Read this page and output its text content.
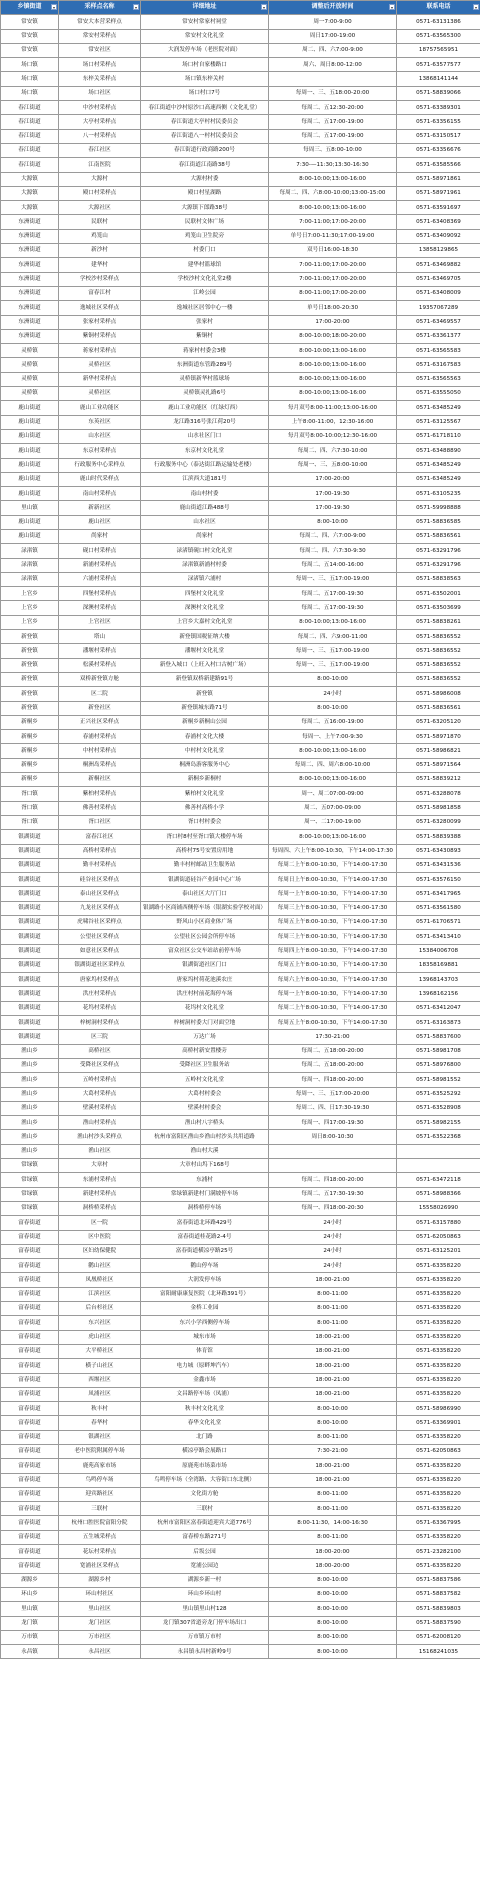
乡镇街道	采样点名称	详细地址	调整后开放时间	联系电话

常安镇	常安大本营采样点	常安村常家村祠堂	周一7:00-9:00	0571-63131386
常安镇	常安村采样点	常安村文化礼堂	周日17:00-19:00	0571-63565300
常安镇	常安社区	大润发停车场（老医院对面）	周二、四、六7:00-9:00	18757565951
场口镇	场口村采样点	场口村自家楼路口	周六、周日8:00-12:00	0571-63577577
场口镇	东梓关采样点	场口镇东梓关村		13868141144
场口镇	场口社区	场口村口7号	每周一、三、五18:00-20:00	0571-58839066
春江街道	中沙村采样点	春江街道中沙村原沙口高速西侧（文化礼堂）	每周二、五12:30-20:00	0571-63389301
春江街道	大亭村采样点	春江街道大亭村村民委员会	每周二、五17:00-19:00	0571-63356155
春江街道	八一村采样点	春江街道八一村村民委员会	每周二、五17:00-19:00	0571-63150517
春江街道	春江社区	春江街道行政商路200号	每周三、五8:00-10:00	0571-63356676
春江街道	江南医院	春江街道江南路38号	7:30-—11:30;13:30-16:30	0571-63585566
大源镇	大源村	大源村村委	8:00-10:00;13:00-16:00	0571-58971861
大源镇	殿口村采样点	殿口村星湖路	每周二、四、六8:00-10:00;13:00-15:00	0571-58971961
大源镇	大源社区	大源镇下郎路38号	8:00-10:00;13:00-16:00	0571-63591697
东洲街道	民联村	民联村文体广场	7:00-11:00;17:00-20:00	0571-63408369
东洲街道	鸡笼山	鸡笼山卫生院旁	单号日7:00-11:30;17:00-19:00	0571-63409092
东洲街道	新沙村	村委门口	双号日16:00-18:30	13858129865
东洲街道	建华村	建华村篮球馆	7:00-11:00;17:00-20:00	0571-63469882
东洲街道	学校沙村采样点	学校沙村文化礼堂2楼	7:00-11:00;17:00-20:00	0571-63469705
东洲街道	富春江村	江岭公园	8:00-11:00;17:00-20:00	0571-63408009
东洲街道	逸城社区采样点	逸城社区居邻中心一楼	单号日18:00-20:30	19357067289
东洲街道	张家村采样点	张家村	17:00-20:00	0571-63469557
东洲街道	紫铜村采样点	紫铜村	8:00-10:00;18:00-20:00	0571-63361377
灵桥镇	蒋家村采样点	蒋家村村委会3楼	8:00-10:00;13:00-16:00	0571-63565583
灵桥镇	灵桥社区	东洲街道东管路289号	8:00-10:00;13:00-16:00	0571-63167583
灵桥镇	新华村采样点	灵桥镇新华村篮球场	8:00-10:00;13:00-16:00	0571-63565563
灵桥镇	灵桥社区	灵桥镇灵扎路6号	8:00-10:00;13:00-16:00	0571-63555050
鹿山街道	鹿山工业功能区	鹿山工业功能区（红绿灯西）	每月双号8:00-11:00;13:00-16:00	0571-63485249
鹿山街道	东英社区	龙江路316号张江荷20号	上午8:00-11:00，12:30-16:00	0571-63125567
鹿山街道	山水社区	山水社区门口	每月双号8:00-10:00;12:30-16:00	0571-61718110
鹿山街道	东京村采样点	东京村文化礼堂	每周二、四、六7:30-10:00	0571-63488890
鹿山街道	行政服务中心采样点	行政服务中心（泰达街江路运输处老楼）	每周一、三、五8:00-10:00	0571-63485249
鹿山街道	鹿山时代采样点	江滨西大道181号	17:00-20:00	0571-63485249
鹿山街道	南山村采样点	南山村村委	17:00-19:30	0571-63105235
里山镇	新新社区	鹿山街道江路488号	17:00-19:30	0571-59998888
鹿山街道	鹿山社区	山水社区	8:00-10:00	0571-58836585
鹿山街道	尚家村	尚家村	每周二、四、六7:00-9:00	0571-58836561
渌渚镇	砚口村采样点	渌渚镇砚口村文化礼堂	每周二、四、六7:30-9:30	0571-63291796
渌渚镇	新浦村采样点	渌渚镇新浦村村委	每周二、五14:00-16:00	0571-63291796
渌渚镇	六浦村采样点	渌渚镇六浦村	每周一、三、五17:00-19:00	0571-58838563
上官乡	四堡村采样点	四堡村文化礼堂	每周二、五17:00-19:30	0571-63502001
上官乡	深澳村采样点	深澳村文化礼堂	每周二、五17:00-19:30	0571-63503699
上官乡	上官社区	上官乡大嘉村文化礼堂	8:00-10:00;13:00-16:00	0571-58838261
新登镇	塔山	新登镇国税征纳大楼	每周二、四、六9:00-11:00	0571-58836552
新登镇	潘堰村采样点	潘堰村文化礼堂	每周一、三、五17:00-19:00	0571-58836552
新登镇	松溪村采样点	新登入城口（上旺入村口古树广场）	每周一、三、五17:00-19:00	0571-58836552
新登镇	双桥新登镇方舱	新登镇双桥新建路91号	8:00-10:00	0571-58836552
新登镇	区二院	新登镇	24小时	0571-58986008
新登镇	新登社区	新登镇城东路71号	8:00-10:00	0571-58836561
新桐乡	正兴社区采样点	新桐乡新桐山公园	每周二、五16:00-19:00	0571-63205120
新桐乡	春浦村采样点	春浦村文化大楼	每周一、上午7:00-9:30	0571-58971870
新桐乡	中村村采样点	中村村文化礼堂	8:00-10:00;13:00-16:00	0571-58986821
新桐乡	桐洲岛采样点	桐洲岛游客服务中心	每周二、四、周六8:00-10:00	0571-58971564
新桐乡	新桐社区	新桐乡新桐村	8:00-10:00;13:00-16:00	0571-58839212
胥口镇	紫柏村采样点	紫柏村文化礼堂	周一、周二07:00-09:00	0571-63288078
胥口镇	佛善村采样点	佛善村高桥小学	周二、五07:00-09:00	0571-58981858
胥口镇	胥口社区	胥口村村委会	周一、二17:00-19:00	0571-63280099
银湖街道	富春江社区	胥口村8村至胥口镇大楼停车场	8:00-10:00;13:00-16:00	0571-58839388
银湖街道	高桥村采样点	高桥村75号安置房用地	每周四、六上午8:00-10:30，下午14:00-17:30	0571-63430893
银湖街道	勤丰村采样点	勤丰村村邮站卫生服务站	每周二上午8:00-10:30，下午14:00-17:30	0571-63431536
银湖街道	硅谷社区采样点	银湖街道硅谷产业园中心广场	每周日上午8:00-10:30，下午14:00-17:30	0571-63576150
银湖街道	泰山社区采样点	泰山社区大厅门口	每周一上午8:00-10:30，下午14:00-17:30	0571-63417965
银湖街道	九龙社区采样点	银湖路小区商铺西侧停车场（银湖实验学校对面）	每周三上午8:00-10:30，下午14:00-17:30	0571-63561580
银湖街道	虎啸谷社区采样点	野风山小区商业体广场	每周五上午8:00-10:30，下午14:00-17:30	0571-61706571
银湖街道	公望社区采样点	公望社区公园会所停车场	每周三上午8:00-10:30，下午14:00-17:30	0571-63413410
银湖街道	如意社区采样点	富众社区公交车站站前停车场	每周四上午8:00-10:30，下午14:00-17:30	15384006708
银湖街道	银湖街道社区采样点	银湖街道社区门口	每周五上午8:00-10:30，下午14:00-17:30	18358169881
银湖街道	唐家坞村采样点	唐家坞村荷花池溪农庄	每周六上午8:00-10:30，下午14:00-17:30	13968143703
银湖街道	洪庄村采样点	洪庄村村前花海停车场	每周一上午8:00-10:30，下午14:00-17:30	13968162156
银湖街道	花坞村采样点	花坞村文化礼堂	每周二上午8:00-10:30，下午14:00-17:30	0571-63412047
银湖街道	梓树洞村采样点	梓树洞村委大门对面空地	每周五上午8:00-10:30，下午14:00-17:30	0571-63163873
银湖街道	区三院	万达广场	17:30-21:00	0571-58837600
渔山乡	高桥社区	高桥村新安置楼旁	每周二、五18:00-20:00	0571-58981708
渔山乡	受降社区采样点	受降社区卫生服务站	每周二、五18:00-20:00	0571-58976800
渔山乡	五岭村采样点	五岭村文化礼堂	每周一、四18:00-20:00	0571-58981552
渔山乡	大葛村采样点	大葛村村委会	每周一、三、五17:00-20:00	0571-63525292
渔山乡	壁溪村采样点	壁溪村村委会	每周二、四、日17:30-19:30	0571-63528908
渔山乡	渔山村采样点	渔山村八字桥头	每周一、四17:00-19:30	0571-58982155
渔山乡	渔山村沙头采样点	杭州市富阳区渔山乡渔山村沙头共用道路	周日8:00-10:30	0571-63522368
渔山乡	渔山社区	渔山村大溪		
常绿镇	大章村	大章村山坞下168号		
常绿镇	东浦村采样点	东浦村	每周二、四18:00-20:00	0571-63472118
常绿镇	新建村采样点	常绿镇新建村门满坡停车场	每周二、五17:30-19:30	0571-58988366
常绿镇	洞桥桥采样点	洞桥桥停车场	每周一、四18:00-20:30	15558026990
富春街道	区一院	富春街道北环路429号	24小时	0571-63157880
富春街道	区中医院	富春街道桂花路2-4号	24小时	0571-62050863
富春街道	区妇幼保健院	富春街道横凉亭路25号	24小时	0571-63125201
富春街道	鹳山社区	鹳山停车场	24小时	0571-63358220
富春街道	凤凰桥社区	大润发停车场	18:00-21:00	0571-63358220
富春街道	江滨社区	富阳耐康康复医院（北环路391号）	8:00-11:00	0571-63358220
富春街道	后台杉社区	金桥工业园	8:00-11:00	0571-63358220
富春街道	东兴社区	东兴小学西侧停车场	8:00-11:00	0571-63358220
富春街道	虎山社区	城东市场	18:00-21:00	0571-63358220
富春街道	大平桥社区	体育馆	18:00-21:00	0571-63358220
富春街道	横子山社区	电力城（原畔坤汽车）	18:00-21:00	0571-63358220
富春街道	西堰社区	金鑫市场	18:00-21:00	0571-63358220
富春街道	凤浦社区	文昌路停车场（凤浦）	18:00-21:00	0571-63358220
富春街道	秋丰村	秋丰村文化礼堂	8:00-10:00	0571-58986990
富春街道	春华村	春华文化礼堂	8:00-10:00	0571-63369901
富春街道	银湖社区	北门路	8:00-11:00	0571-63358220
富春街道	老中医院附属停车场	横凉亭路会展路口	7:30-21:00	0571-62050863
富春街道	鹿苑高家市场	原鹿苑市场菜市场	18:00-21:00	0571-63358220
富春街道	鸟鸣停车场	鸟鸣停车场（全湾路、大容街口东北侧）	18:00-21:00	0571-63358220
富春街道	迎宾路社区	文化街方舱	8:00-11:00	0571-63358220
富春街道	三联村	三联村	8:00-11:00	0571-63358220
富春街道	杭州口腔医院富阳分院	杭州市富阳区富春街道迎宾大道776号	8:00-11:30，14:00-16:30	0571-63367995
富春街道	五生城采样点	富春桥东路271号	8:00-11:00	0571-63358220
富春街道	花坛村采样点	后坂公园	18:00-20:00	0571-23282100
富春街道	宽浦社区采样点	宽浦公园边	18:00-20:00	0571-63358220
湖源乡	湖源乡村	湖源乡新一村	8:00-10:00	0571-58837586
环山乡	环山村社区	环山乡环山村	8:00-10:00	0571-58837582
里山镇	里山社区	里山镇里山村128	8:00-10:00	0571-58839803
龙门镇	龙门社区	龙门镇307省道旁龙门停车场出口	8:00-10:00	0571-58837590
万市镇	万市社区	万市镇万市村	8:00-10:00	0571-62008120
永昌镇	永昌社区	永昌镇永昌村新岭9号	8:00-10:00	15168241035
